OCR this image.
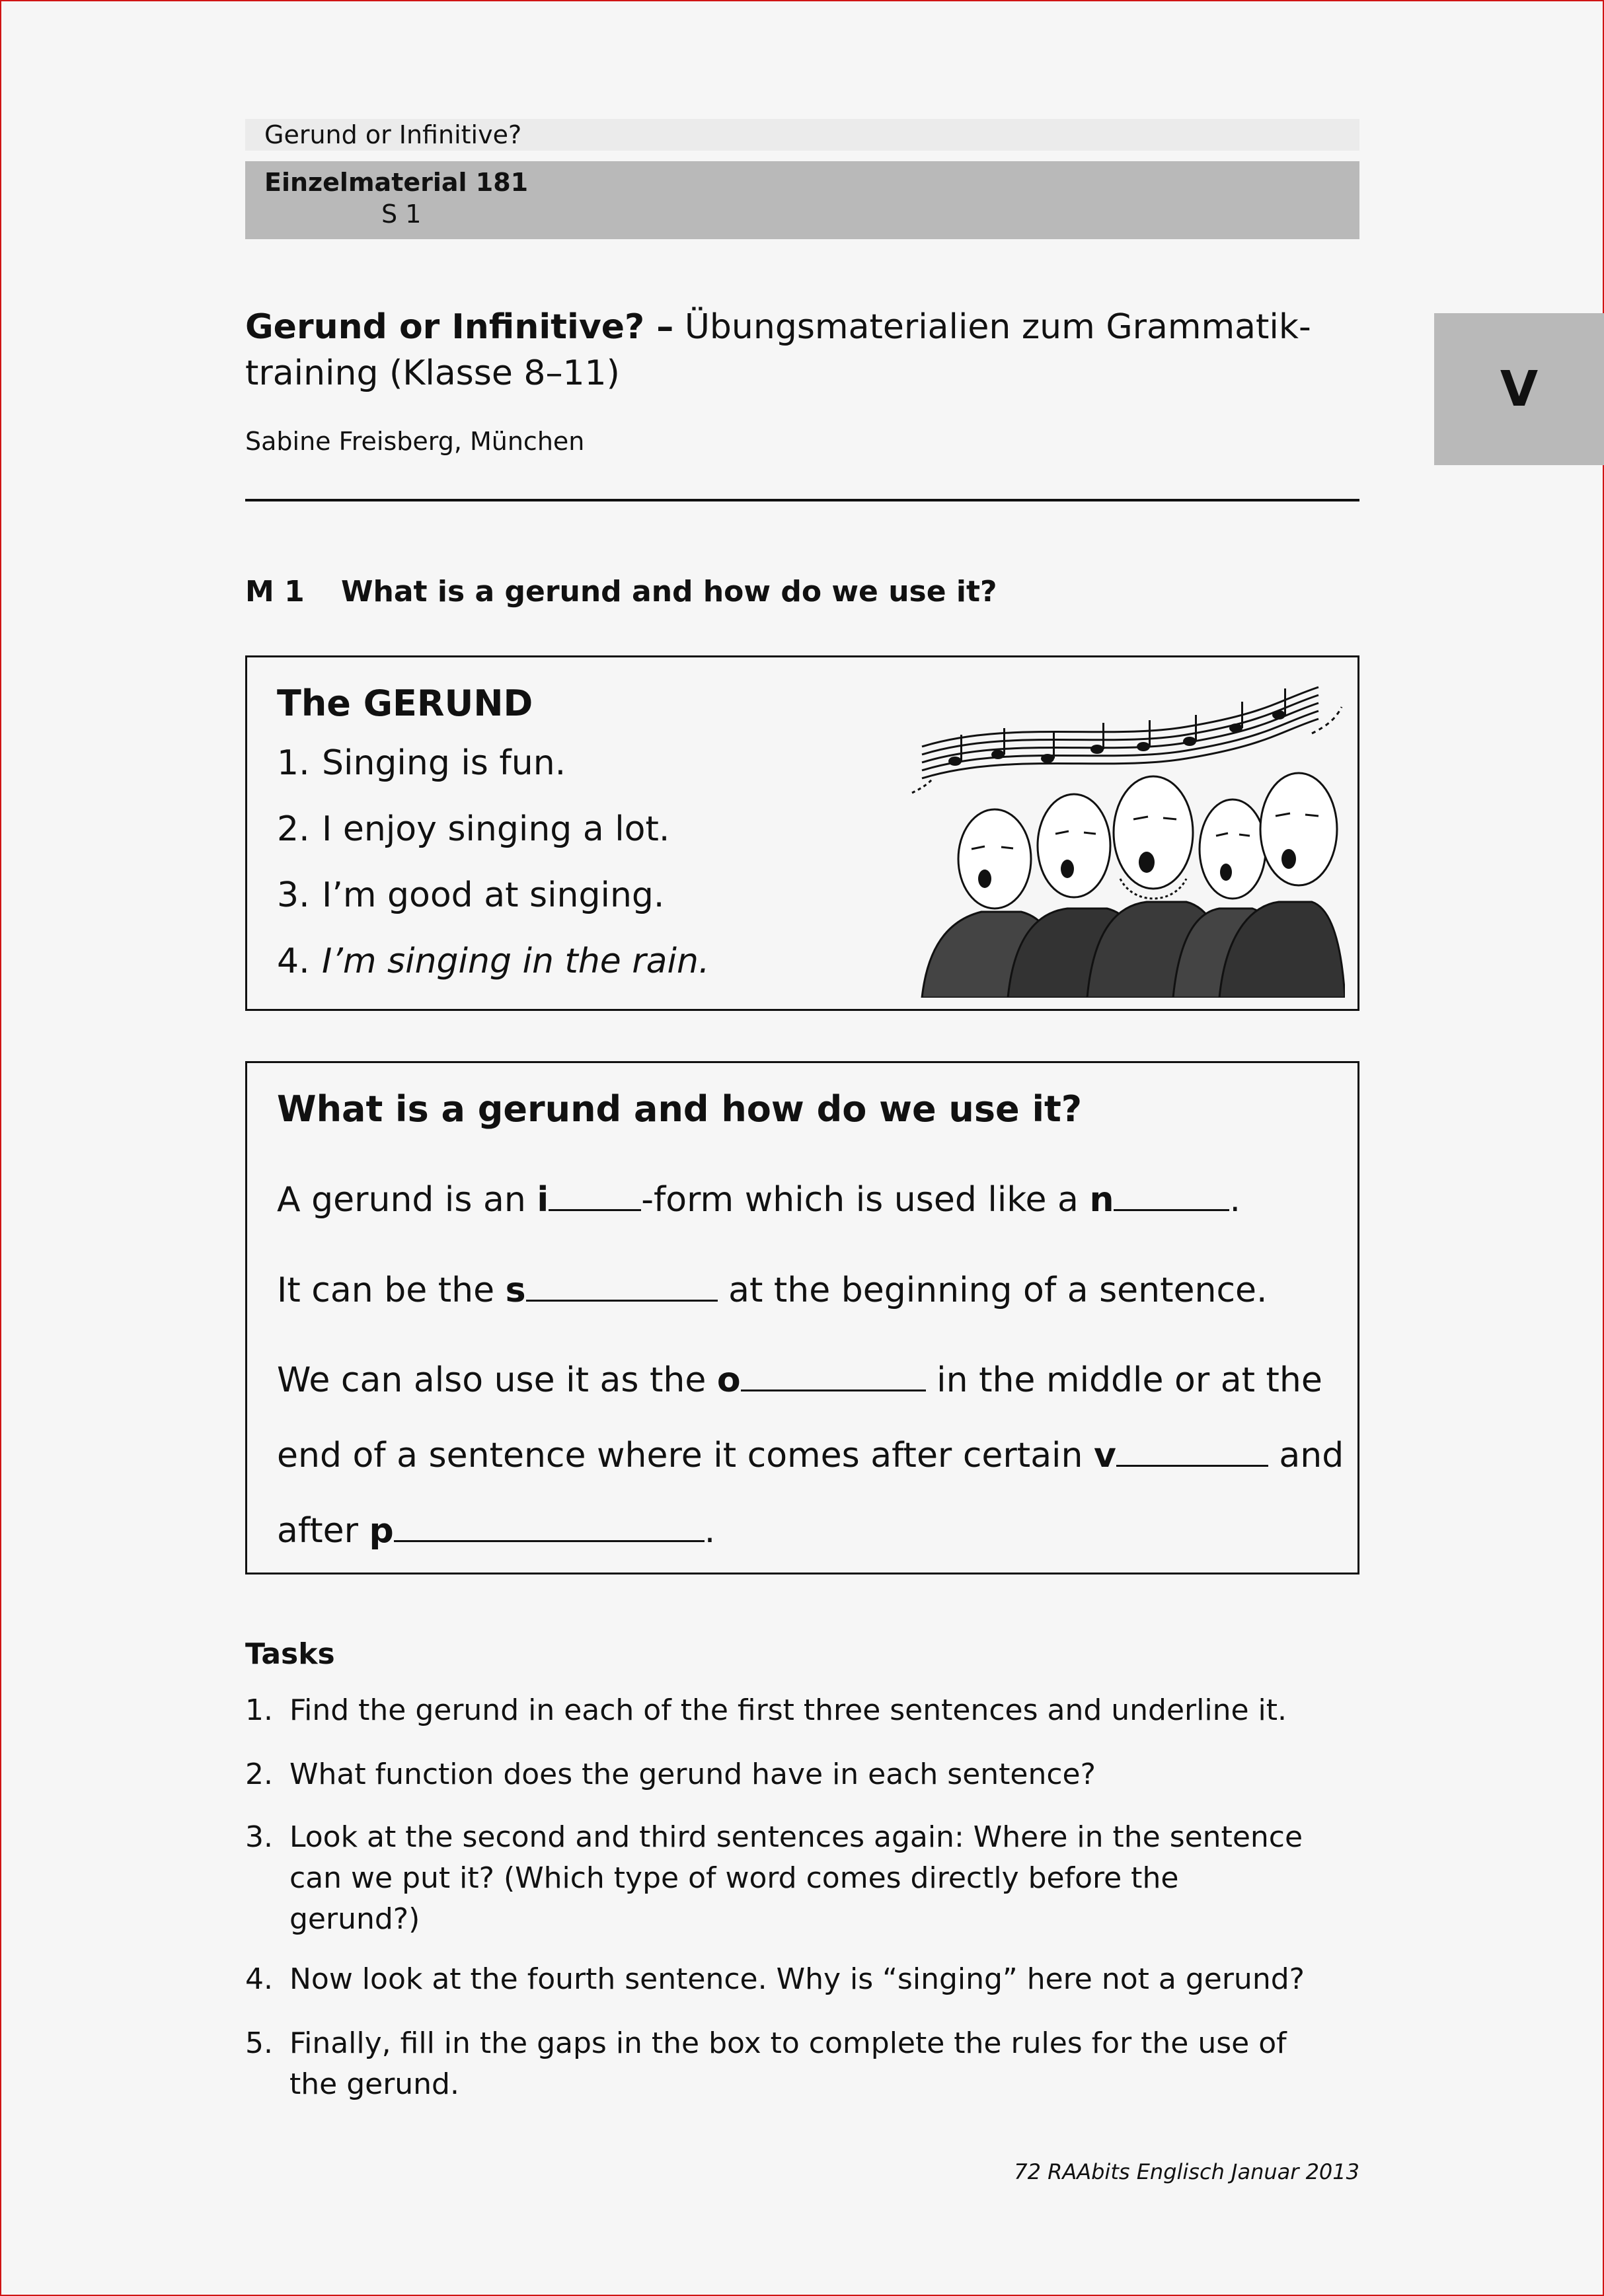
Gerund or Infinitive?
Einzelmaterial 181
S 1
V
Gerund or Infinitive? – Übungsmaterialien zum Grammatik-
training (Klasse 8–11)
Sabine Freisberg, München
M 1 What is a gerund and how do we use it?
The GERUND
1. Singing is fun.
2. I enjoy singing a lot.
3. I’m good at singing.
4. I’m singing in the rain.
What is a gerund and how do we use it?
A gerund is an i	-form which is used like a n	.
It can be the s	at the beginning of a sentence.
We can also use it as the o	in the middle or at the
end of a sentence where it comes after certain v	and
after p	.
Tasks
1. Find the gerund in each of the first three sentences and underline it.
2. What function does the gerund have in each sentence?
3. Look at the second and third sentences again: Where in the sentence
can we put it? (Which type of word comes directly before the
gerund?)
4. Now look at the fourth sentence. Why is “singing” here not a gerund?
5. Finally, fill in the gaps in the box to complete the rules for the use of
the gerund.
72 RAAbits Englisch Januar 2013
